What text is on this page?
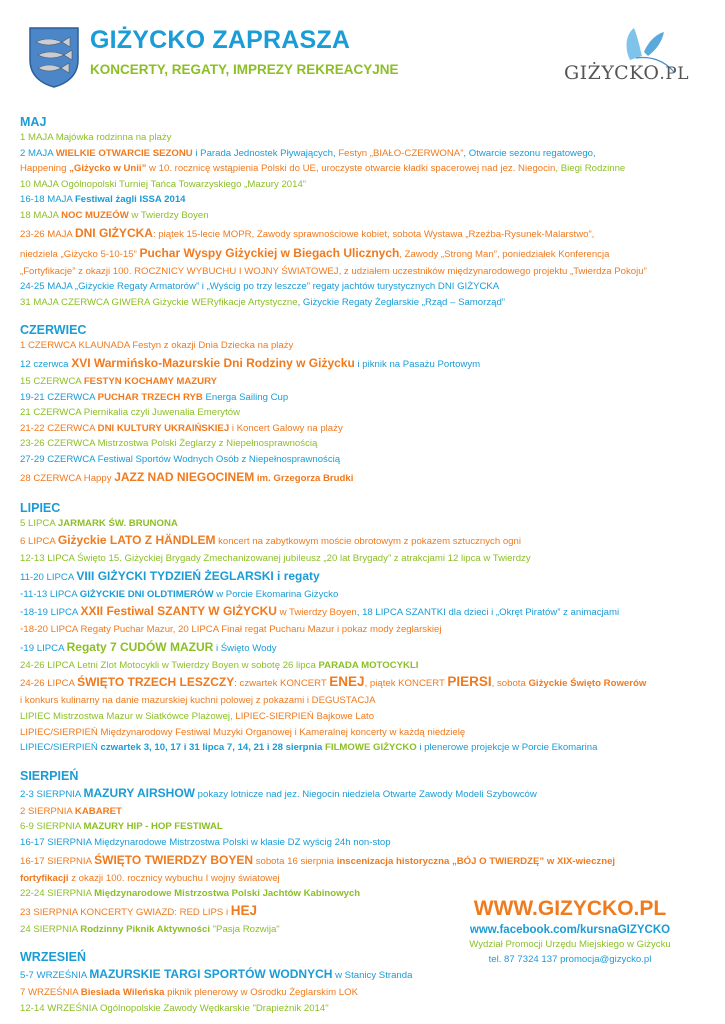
GIŻYCKO ZAPRASZA
KONCERTY, REGATY, IMPREZY REKREACYJNE	GIŻYCKO.PL
MAJ
1 MAJA Majówka rodzinna na plaży
2 MAJA WIELKIE OTWARCIE SEZONU i Parada Jednostek Pływających, Festyn „BIAŁO-CZERWONA”, Otwarcie sezonu regatowego,
Happening „Giżycko w Unii” w 10. rocznicę wstąpienia Polski do UE, uroczyste otwarcie kładki spacerowej nad jez. Niegocin, Biegi Rodzinne
10 MAJA Ogólnopolski Turniej Tańca Towarzyskiego „Mazury 2014”
16-18 MAJA Festiwal żagli ISSA 2014
18 MAJA NOC MUZEÓW w Twierdzy Boyen
23-26 MAJA DNI GIŻYCKA: piątek 15-lecie MOPR, Zawody sprawnościowe kobiet, sobota Wystawa „Rzeźba-Rysunek-Malarstwo”,
niedziela „Giżycko 5-10-15” Puchar Wyspy Giżyckiej w Biegach Ulicznych, Zawody „Strong Man”, poniedziałek Konferencja
„Fortyfikacje” z okazji 100. ROCZNICY WYBUCHU I WOJNY ŚWIATOWEJ, z udziałem uczestników międzynarodowego projektu „Twierdza Pokoju”
24-25 MAJA „Giżyckie Regaty Armatorów” i „Wyścig po trzy leszcze” regaty jachtów turystycznych DNI GIŻYCKA
31 MAJA CZERWCA GIWERA Giżyckie WERyfikacje Artystyczne, Giżyckie Regaty Żeglarskie „Rząd – Samorząd”
CZERWIEC
1 CZERWCA KLAUNADA Festyn z okazji Dnia Dziecka na plaży
12 czerwca XVI Warmińsko-Mazurskie Dni Rodziny w Giżycku i piknik na Pasażu Portowym
15 CZERWCA FESTYN KOCHAMY MAZURY
19-21 CZERWCA PUCHAR TRZECH RYB Energa Sailing Cup
21 CZERWCA Piernikalia czyli Juwenalia Emerytów
21-22 CZERWCA DNI KULTURY UKRAIŃSKIEJ i Koncert Galowy na plaży
23-26 CZERWCA Mistrzostwa Polski Żeglarzy z Niepełnosprawnością
27-29 CZERWCA Festiwal Sportów Wodnych Osób z Niepełnosprawnością
28 CZERWCA Happy JAZZ NAD NIEGOCINEM im. Grzegorza Brudki
LIPIEC
5 LIPCA JARMARK ŚW. BRUNONA
6 LIPCA Giżyckie LATO Z HÄNDLEM koncert na zabytkowym moście obrotowym z pokazem sztucznych ogni
12-13 LIPCA Święto 15. Giżyckiej Brygady Zmechanizowanej jubileusz „20 lat Brygady” z atrakcjami 12 lipca w Twierdzy
11-20 LIPCA VIII GIŻYCKI TYDZIEŃ ŻEGLARSKI i regaty
◦11-13 LIPCA GIŻYCKIE DNI OLDTIMERÓW w Porcie Ekomarina Giżycko
◦18-19 LIPCA XXII Festiwal SZANTY W GIŻYCKU w Twierdzy Boyen, 18 LIPCA SZANTKI dla dzieci i „Okręt Piratów” z animacjami
◦18-20 LIPCA Regaty Puchar Mazur, 20 LIPCA Finał regat Pucharu Mazur i pokaz mody żeglarskiej
◦19 LIPCA Regaty 7 CUDÓW MAZUR i Święto Wody
24-26 LIPCA Letni Zlot Motocykli w Twierdzy Boyen w sobotę 26 lipca PARADA MOTOCYKLI
24-26 LIPCA ŚWIĘTO TRZECH LESZCZY: czwartek KONCERT ENEJ, piątek KONCERT PIERSI, sobota Giżyckie Święto Rowerów
i konkurs kulinarny na danie mazurskiej kuchni polowej z pokazami i DEGUSTACJA
LIPIEC Mistrzostwa Mazur w Siatkówce Plażowej, LIPIEC-SIERPIEŃ Bajkowe Lato
LIPIEC/SIERPIEŃ Międzynarodowy Festiwal Muzyki Organowej i Kameralnej koncerty w każdą niedzielę
LIPIEC/SIERPIEŃ czwartek 3, 10, 17 i 31 lipca 7, 14, 21 i 28 sierpnia FILMOWE GIŻYCKO i plenerowe projekcje w Porcie Ekomarina
SIERPIEŃ
2-3 SIERPNIA MAZURY AIRSHOW pokazy lotnicze nad jez. Niegocin niedziela Otwarte Zawody Modeli Szybowców
2 SIERPNIA KABARET
6-9 SIERPNIA MAZURY HIP - HOP FESTIWAL
16-17 SIERPNIA Międzynarodowe Mistrzostwa Polski w klasie DZ wyścig 24h non-stop
16-17 SIERPNIA ŚWIĘTO TWIERDZY BOYEN sobota 16 sierpnia inscenizacja historyczna „BÓJ O TWIERDZĘ” w XIX-wiecznej
fortyfikacji z okazji 100. rocznicy wybuchu I wojny światowej
22-24 SIERPNIA Międzynarodowe Mistrzostwa Polski Jachtów Kabinowych
23 SIERPNIA KONCERTY GWIAZD: RED LIPS i HEJ
24 SIERPNIA Rodzinny Piknik Aktywności "Pasja Rozwija"
WRZESIEŃ
5-7 WRZEŚNIA MAZURSKIE TARGI SPORTÓW WODNYCH w Stanicy Stranda
7 WRZEŚNIA Biesiada Wileńska piknik plenerowy w Ośrodku Żeglarskim LOK
12-14 WRZEŚNIA Ogólnopolskie Zawody Wędkarskie "Drapieżnik 2014"
WWW.GIZYCKO.PL
www.facebook.com/kursnaGIZYCKO
Wydział Promocji Urzędu Miejskiego w Giżycku
tel. 87 7324 137 promocja@gizycko.pl
